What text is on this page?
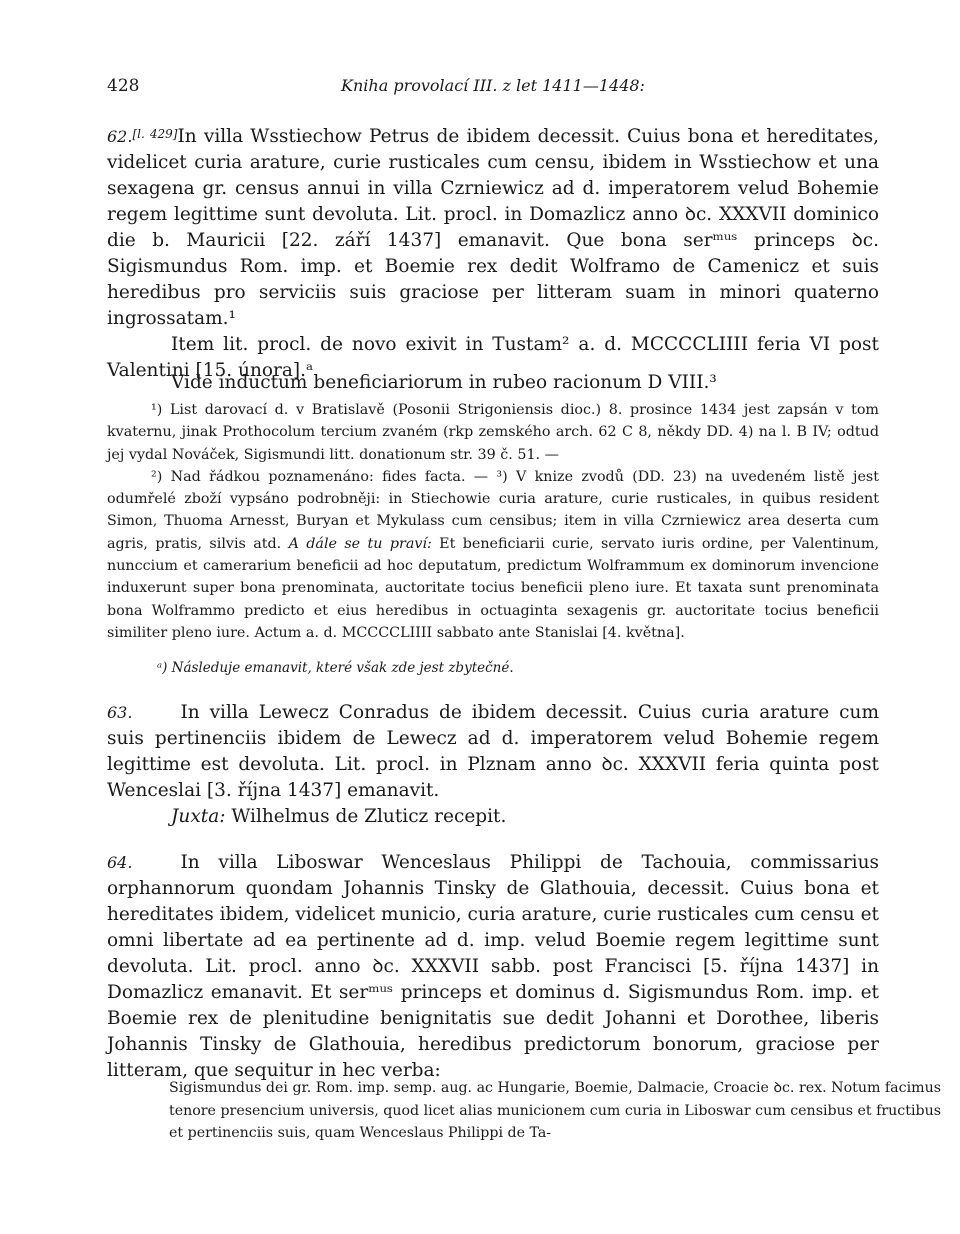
428	Kniha provolací III. z let 1411—1448:

62.[l. 429]In villa Wsstiechow Petrus de ibidem decessit. Cuius bona et hereditates, videlicet curia arature, curie rusticales cum censu, ibidem in Wsstiechow et una sexagena gr. census annui in villa Czrniewicz ad d. imperatorem velud Bohemie regem legittime sunt devoluta. Lit. procl. in Domazlicz anno ꝺc. XXXVII dominico die b. Mauricii [22. září 1437] emanavit. Que bona serᵐᵘˢ princeps ꝺc. Sigismundus Rom. imp. et Boemie rex dedit Wolframo de Camenicz et suis heredibus pro serviciis suis graciose per litteram suam in minori quaterno ingrossatam.¹

Item lit. procl. de novo exivit in Tustam² a. d. MCCCCLIIII feria VI post Valentini [15. února].ᵃ

Vide inductum beneficiariorum in rubeo racionum D VIII.³

¹) List darovací d. v Bratislavě (Posonii Strigoniensis dioc.) 8. prosince 1434 jest zapsán v tom kvaternu, jinak Prothocolum tercium zvaném (rkp zemského arch. 62 C 8, někdy DD. 4) na l. B IV; odtud jej vydal Nováček, Sigismundi litt. donationum str. 39 č. 51. —

²) Nad řádkou poznamenáno: fides facta. — ³) V knize zvodů (DD. 23) na uvedeném listě jest odumřelé zboží vypsáno podrobněji: in Stiechowie curia arature, curie rusticales, in quibus resident Simon, Thuoma Arnesst, Buryan et Mykulass cum censibus; item in villa Czrniewicz area deserta cum agris, pratis, silvis atd. A dále se tu praví: Et beneficiarii curie, servato iuris ordine, per Valentinum, nunccium et camerarium beneficii ad hoc deputatum, predictum Wolframmum ex dominorum invencione induxerunt super bona prenominata, auctoritate tocius beneficii pleno iure. Et taxata sunt prenominata bona Wolframmo predicto et eius heredibus in octuaginta sexagenis gr. auctoritate tocius beneficii similiter pleno iure. Actum a. d. MCCCCLIIII sabbato ante Stanislai [4. května].

ᵃ) Následuje emanavit, které však zde jest zbytečné.

63.	In villa Lewecz Conradus de ibidem decessit. Cuius curia arature cum suis pertinenciis ibidem de Lewecz ad d. imperatorem velud Bohemie regem legittime est devoluta. Lit. procl. in Plznam anno ꝺc. XXXVII feria quinta post Wenceslai [3. října 1437] emanavit.

Juxta: Wilhelmus de Zluticz recepit.

64.	In villa Liboswar Wenceslaus Philippi de Tachouia, commissarius orphannorum quondam Johannis Tinsky de Glathouia, decessit. Cuius bona et hereditates ibidem, videlicet municio, curia arature, curie rusticales cum censu et omni libertate ad ea pertinente ad d. imp. velud Boemie regem legittime sunt devoluta. Lit. procl. anno ꝺc. XXXVII sabb. post Francisci [5. října 1437] in Domazlicz emanavit. Et serᵐᵘˢ princeps et dominus d. Sigismundus Rom. imp. et Boemie rex de plenitudine benignitatis sue dedit Johanni et Dorothee, liberis Johannis Tinsky de Glathouia, heredibus predictorum bonorum, graciose per litteram, que sequitur in hec verba:

Sigismundus dei gr. Rom. imp. semp. aug. ac Hungarie, Boemie, Dalmacie, Croacie ꝺc. rex. Notum facimus tenore presencium universis, quod licet alias municionem cum curia in Liboswar cum censibus et fructibus et pertinenciis suis, quam Wenceslaus Philippi de Ta-
